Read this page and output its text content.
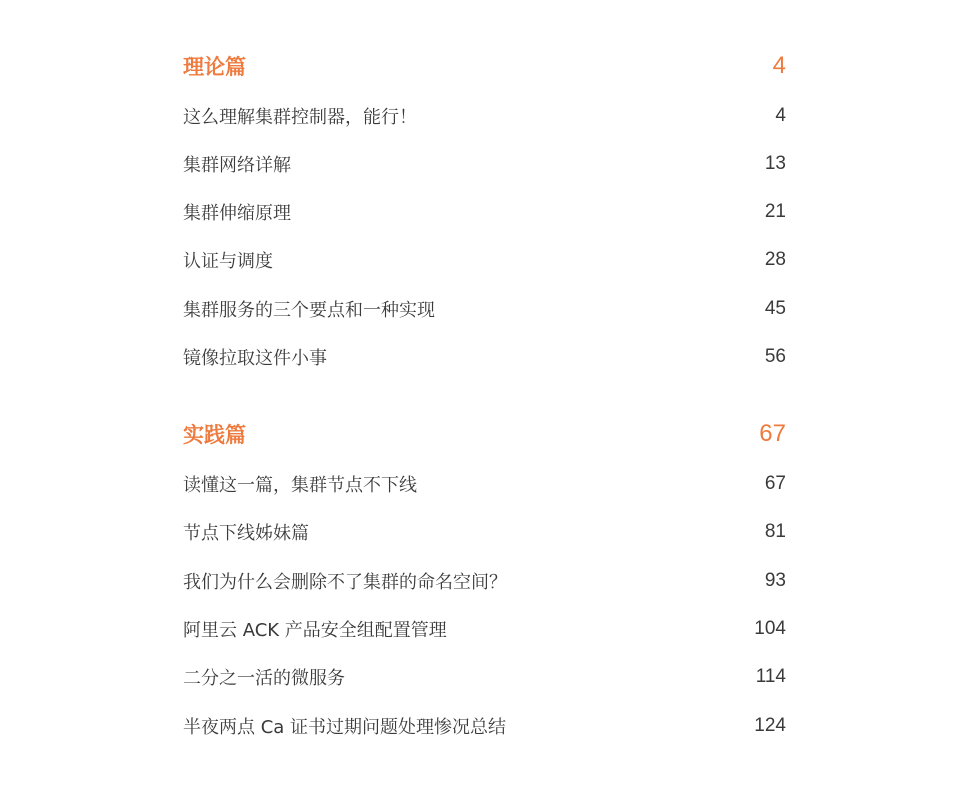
理论篇	4
这么理解集群控制器，能行！	4
集群网络详解	13
集群伸缩原理	21
认证与调度	28
集群服务的三个要点和一种实现	45
镜像拉取这件小事	56
实践篇	67
读懂这一篇，集群节点不下线	67
节点下线姊妹篇	81
我们为什么会删除不了集群的命名空间？	93
阿里云 ACK 产品安全组配置管理	104
二分之一活的微服务	114
半夜两点 Ca 证书过期问题处理惨况总结	124
